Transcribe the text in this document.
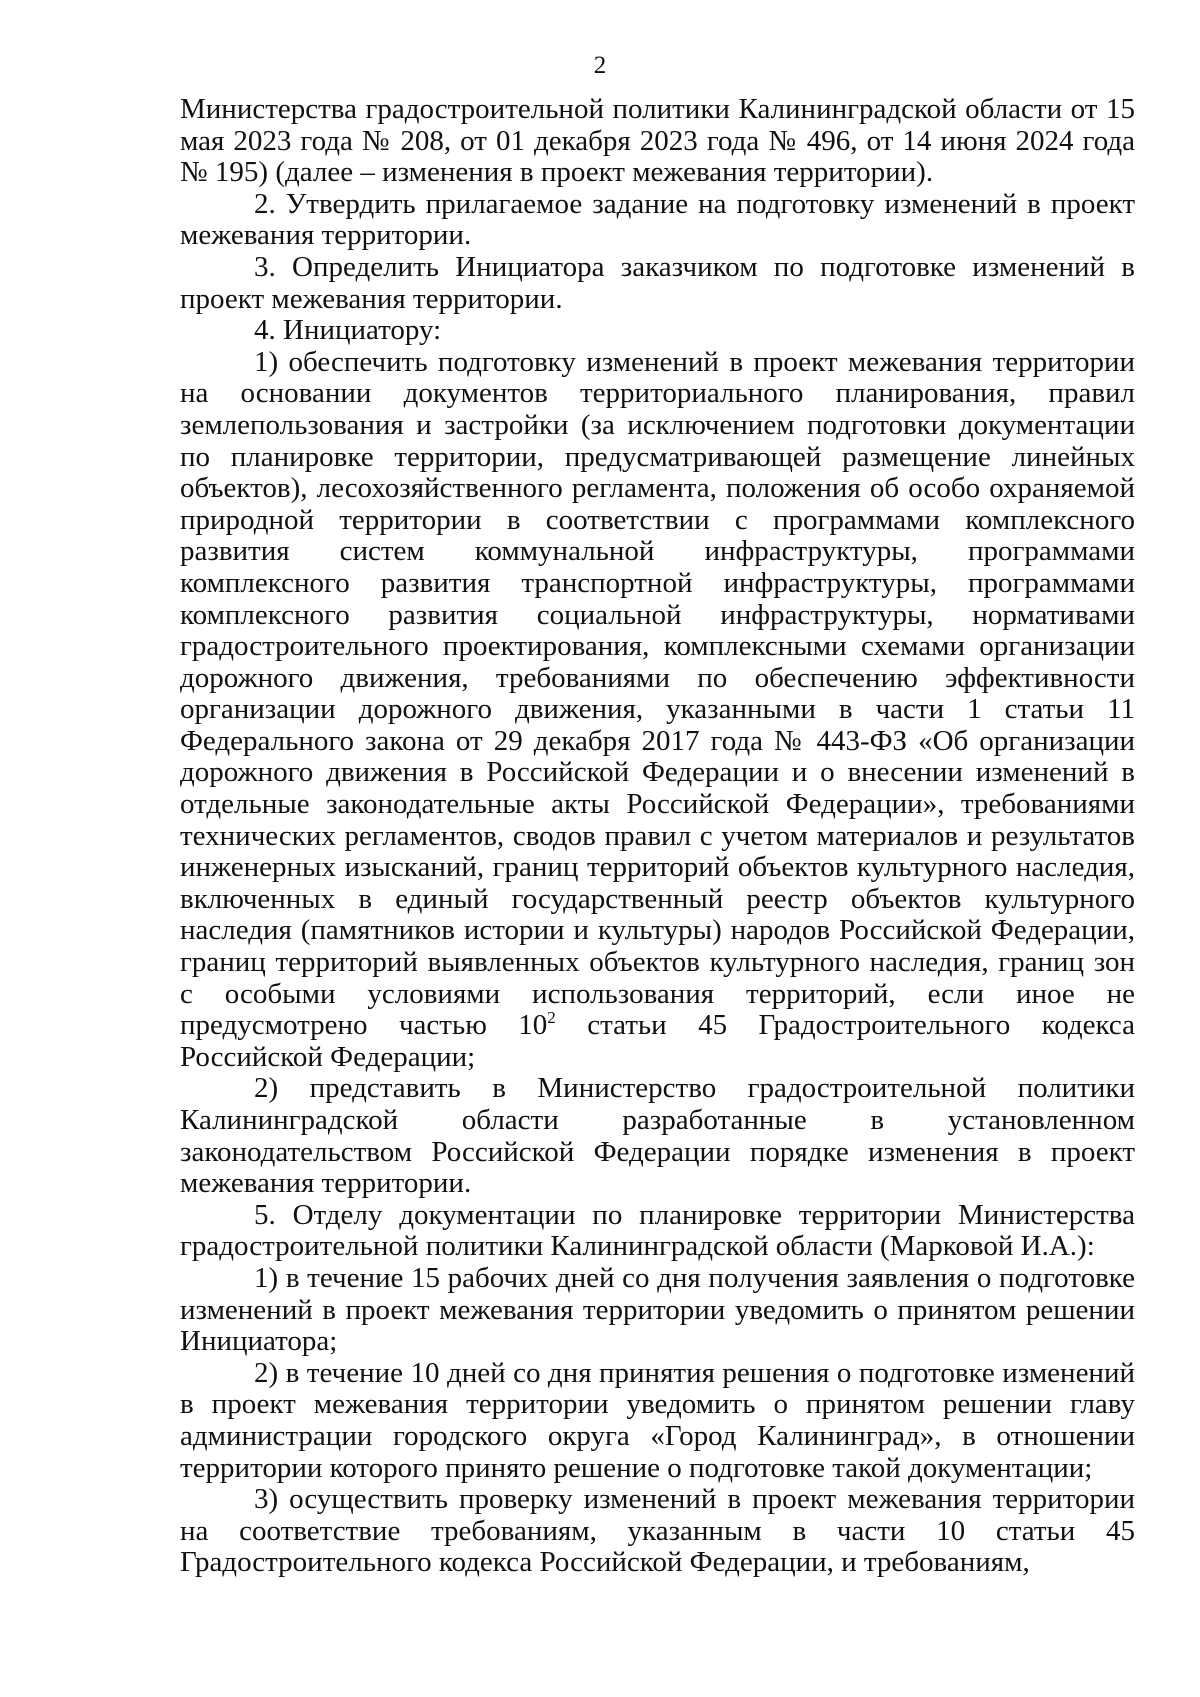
2

Министерства градостроительной политики Калининградской области от 15 мая 2023 года № 208, от 01 декабря 2023 года № 496, от 14 июня 2024 года № 195) (далее – изменения в проект межевания территории).

2. Утвердить прилагаемое задание на подготовку изменений в проект межевания территории.

3. Определить Инициатора заказчиком по подготовке изменений в проект межевания территории.

4. Инициатору:

1) обеспечить подготовку изменений в проект межевания территории на основании документов территориального планирования, правил землепользования и застройки (за исключением подготовки документации по планировке территории, предусматривающей размещение линейных объектов), лесохозяйственного регламента, положения об особо охраняемой природной территории в соответствии с программами комплексного развития систем коммунальной инфраструктуры, программами комплексного развития транспортной инфраструктуры, программами комплексного развития социальной инфраструктуры, нормативами градостроительного проектирования, комплексными схемами организации дорожного движения, требованиями по обеспечению эффективности организации дорожного движения, указанными в части 1 статьи 11 Федерального закона от 29 декабря 2017 года № 443-ФЗ «Об организации дорожного движения в Российской Федерации и о внесении изменений в отдельные законодательные акты Российской Федерации», требованиями технических регламентов, сводов правил с учетом материалов и результатов инженерных изысканий, границ территорий объектов культурного наследия, включенных в единый государственный реестр объектов культурного наследия (памятников истории и культуры) народов Российской Федерации, границ территорий выявленных объектов культурного наследия, границ зон с особыми условиями использования территорий, если иное не предусмотрено частью $10^2$ статьи 45 Градостроительного кодекса Российской Федерации;

2) представить в Министерство градостроительной политики Калининградской области разработанные в установленном законодательством Российской Федерации порядке изменения в проект межевания территории.

5. Отделу документации по планировке территории Министерства градостроительной политики Калининградской области (Марковой И.А.):

1) в течение 15 рабочих дней со дня получения заявления о подготовке изменений в проект межевания территории уведомить о принятом решении Инициатора;

2) в течение 10 дней со дня принятия решения о подготовке изменений в проект межевания территории уведомить о принятом решении главу администрации городского округа «Город Калининград», в отношении территории которого принято решение о подготовке такой документации;

3) осуществить проверку изменений в проект межевания территории на соответствие требованиям, указанным в части 10 статьи 45 Градостроительного кодекса Российской Федерации, и требованиям,
